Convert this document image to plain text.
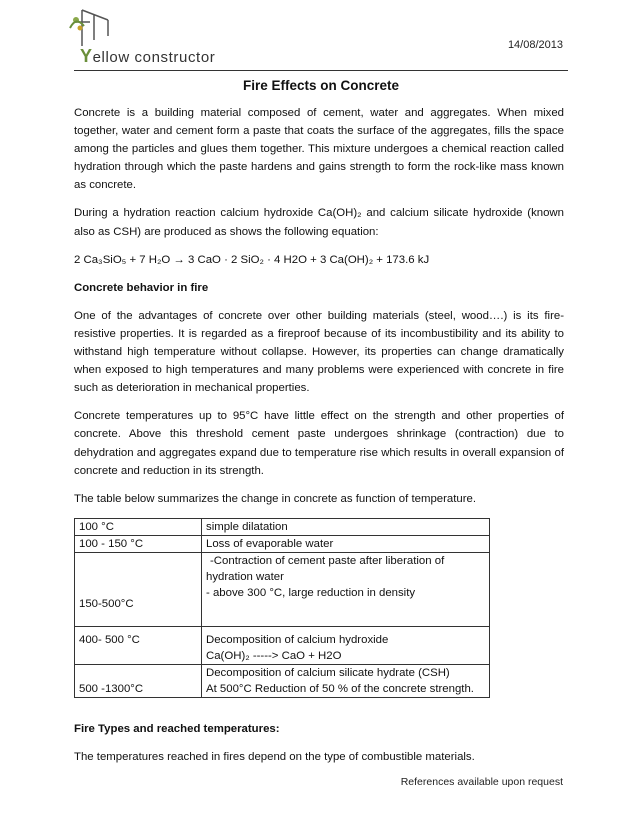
Yellow constructor
14/08/2013
Fire Effects on Concrete

Concrete is a building material composed of cement, water and aggregates. When mixed together, water and cement form a paste that coats the surface of the aggregates, fills the space among the particles and glues them together. This mixture undergoes a chemical reaction called hydration through which the paste hardens and gains strength to form the rock-like mass known as concrete.

During a hydration reaction calcium hydroxide Ca(OH)₂ and calcium silicate hydroxide (known also as CSH) are produced as shows the following equation:

2 Ca₃SiO₅ + 7 H₂O → 3 CaO · 2 SiO₂ · 4 H2O + 3 Ca(OH)₂ + 173.6 kJ

Concrete behavior in fire

One of the advantages of concrete over other building materials (steel, wood….) is its fire-resistive properties. It is regarded as a fireproof because of its incombustibility and its ability to withstand high temperature without collapse. However, its properties can change dramatically when exposed to high temperatures and many problems were experienced with concrete in fire such as deterioration in mechanical properties.

Concrete temperatures up to 95°C have little effect on the strength and other properties of concrete. Above this threshold cement paste undergoes shrinkage (contraction) due to dehydration and aggregates expand due to temperature rise which results in overall expansion of concrete and reduction in its strength.

The table below summarizes the change in concrete as function of temperature.

100 °C	simple dilatation
100 - 150 °C	Loss of evaporable water

150-500°C	-Contraction of cement paste after liberation of
hydration water
- above 300 °C, large reduction in density

400- 500 °C	Decomposition of calcium hydroxide
Ca(OH)₂ -----> CaO + H2O

500 -1300°C	Decomposition of calcium silicate hydrate (CSH)
At 500°C Reduction of 50 % of the concrete strength.

Fire Types and reached temperatures:

The temperatures reached in fires depend on the type of combustible materials.

References available upon request
